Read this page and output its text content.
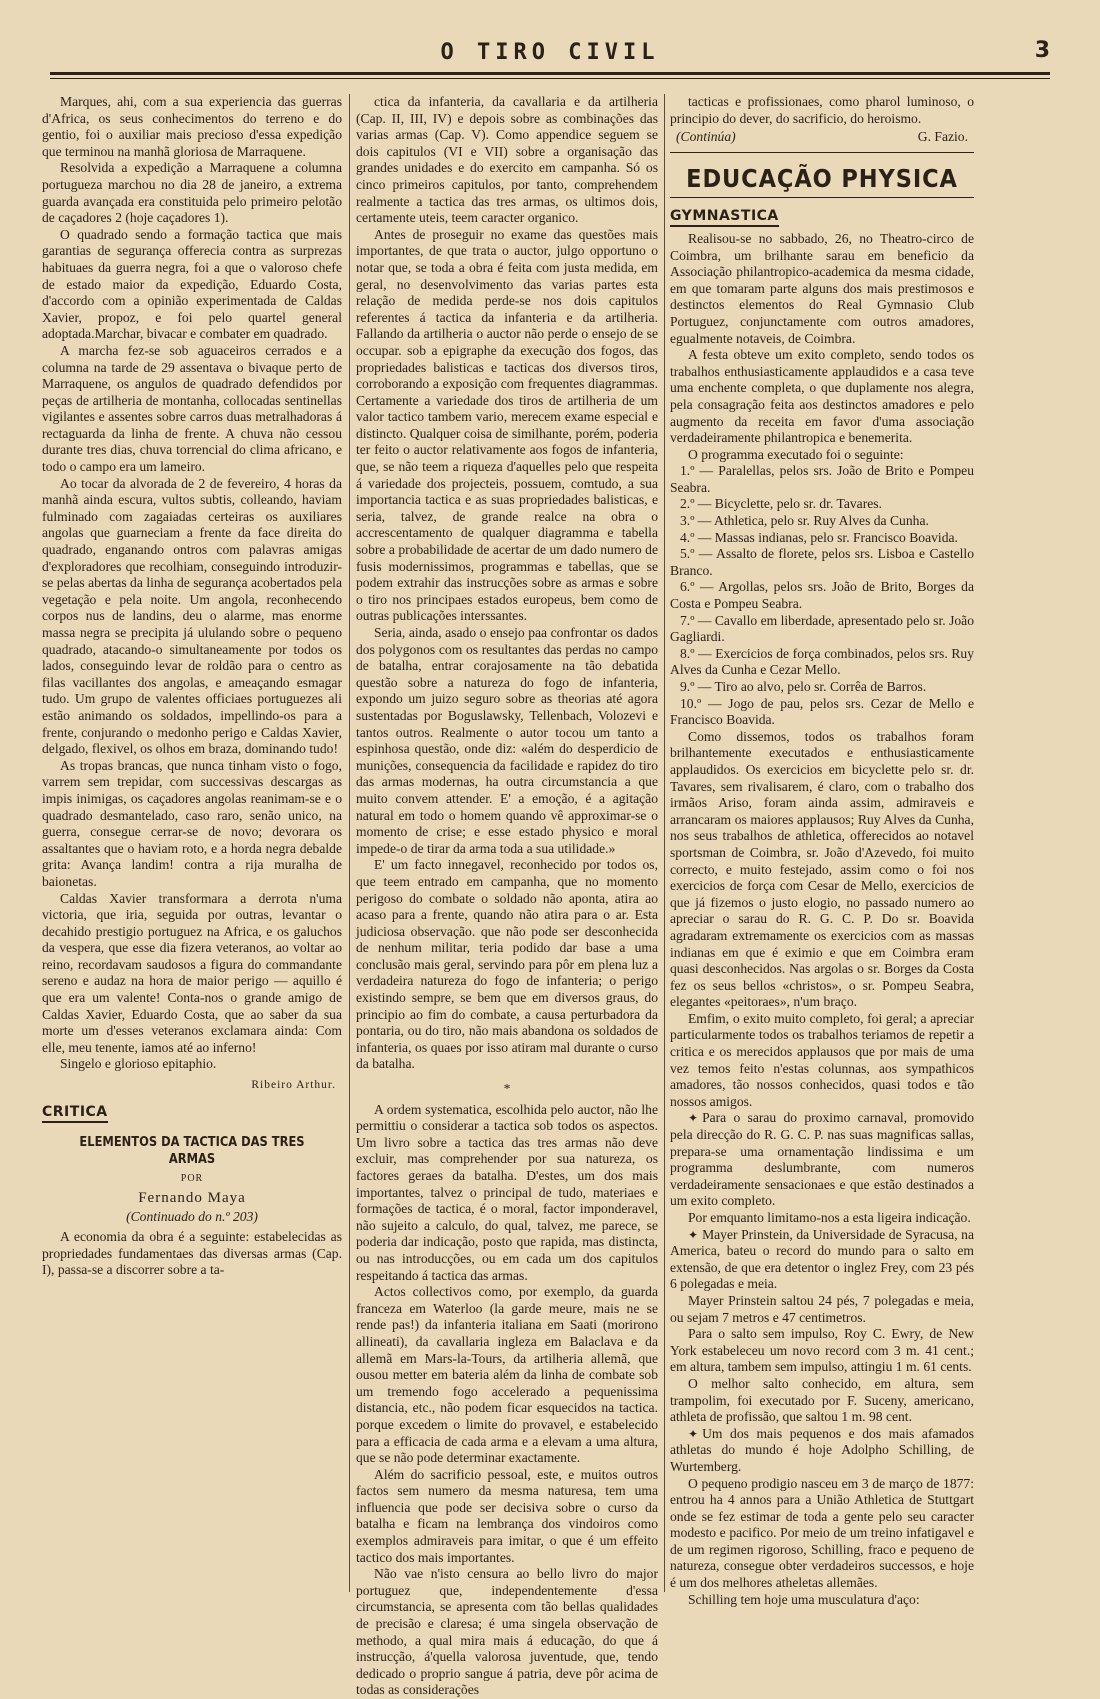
O TIRO CIVIL	3

Marques, ahi, com a sua experiencia das guerras d'Africa, os seus conhecimentos do terreno e do gentio, foi o auxiliar mais precioso d'essa expedição que terminou na manhã gloriosa de Marraquene.

Resolvida a expedição a Marraquene a columna portugueza marchou no dia 28 de janeiro, a extrema guarda avançada era constituida pelo primeiro pelotão de caçadores 2 (hoje caçadores 1).

O quadrado sendo a formação tactica que mais garantias de segurança offerecia contra as surprezas habituaes da guerra negra, foi a que o valoroso chefe de estado maior da expedição, Eduardo Costa, d'accordo com a opinião experimentada de Caldas Xavier, propoz, e foi pelo quartel general adoptada.Marchar, bivacar e combater em quadrado.

A marcha fez-se sob aguaceiros cerrados e a columna na tarde de 29 assentava o bivaque perto de Marraquene, os angulos de quadrado defendidos por peças de artilheria de montanha, collocadas sentinellas vigilantes e assentes sobre carros duas metralhadoras á rectaguarda da linha de frente. A chuva não cessou durante tres dias, chuva torrencial do clima africano, e todo o campo era um lameiro.

Ao tocar da alvorada de 2 de fevereiro, 4 horas da manhã ainda escura, vultos subtis, colleando, haviam fulminado com zagaiadas certeiras os auxiliares angolas que guarneciam a frente da face direita do quadrado, enganando ontros com palavras amigas d'exploradores que recolhiam, conseguindo introduzir-se pelas abertas da linha de segurança acobertados pela vegetação e pela noite. Um angola, reconhecendo corpos nus de landins, deu o alarme, mas enorme massa negra se precipita já ululando sobre o pequeno quadrado, atacando-o simultaneamente por todos os lados, conseguindo levar de roldão para o centro as filas vacillantes dos angolas, e ameaçando esmagar tudo. Um grupo de valentes officiaes portuguezes ali estão animando os soldados, impellindo-os para a frente, conjurando o medonho perigo e Caldas Xavier, delgado, flexivel, os olhos em braza, dominando tudo!

As tropas brancas, que nunca tinham visto o fogo, varrem sem trepidar, com successivas descargas as impis inimigas, os caçadores angolas reanimam-se e o quadrado desmantelado, caso raro, senão unico, na guerra, consegue cerrar-se de novo; devorara os assaltantes que o haviam roto, e a horda negra debalde grita: Avança landim! contra a rija muralha de baionetas.

Caldas Xavier transformara a derrota n'uma victoria, que iria, seguida por outras, levantar o decahido prestigio portuguez na Africa, e os galuchos da vespera, que esse dia fizera veteranos, ao voltar ao reino, recordavam saudosos a figura do commandante sereno e audaz na hora de maior perigo — aquillo é que era um valente! Conta-nos o grande amigo de Caldas Xavier, Eduardo Costa, que ao saber da sua morte um d'esses veteranos exclamara ainda: Com elle, meu tenente, iamos até ao inferno!

Singelo e glorioso epitaphio.

Ribeiro Arthur.
CRITICA
ELEMENTOS DA TACTICA DAS TRES ARMAS
POR
Fernando Maya
(Continuado do n.º 203)

A economia da obra é a seguinte: estabelecidas as propriedades fundamentaes das diversas armas (Cap. I), passa-se a discorrer sobre a ta-

ctica da infanteria, da cavallaria e da artilheria (Cap. II, III, IV) e depois sobre as combinações das varias armas (Cap. V). Como appendice seguem se dois capitulos (VI e VII) sobre a organisação das grandes unidades e do exercito em campanha. Só os cinco primeiros capitulos, por tanto, comprehendem realmente a tactica das tres armas, os ultimos dois, certamente uteis, teem caracter organico.

Antes de proseguir no exame das questões mais importantes, de que trata o auctor, julgo opportuno o notar que, se toda a obra é feita com justa medida, em geral, no desenvolvimento das varias partes esta relação de medida perde-se nos dois capitulos referentes á tactica da infanteria e da artilheria. Fallando da artilheria o auctor não perde o ensejo de se occupar. sob a epigraphe da execução dos fogos, das propriedades balisticas e tacticas dos diversos tiros, corroborando a exposição com frequentes diagrammas. Certamente a variedade dos tiros de artilheria de um valor tactico tambem vario, merecem exame especial e distincto. Qualquer coisa de similhante, porém, poderia ter feito o auctor relativamente aos fogos de infanteria, que, se não teem a riqueza d'aquelles pelo que respeita á variedade dos projecteis, possuem, comtudo, a sua importancia tactica e as suas propriedades balisticas, e seria, talvez, de grande realce na obra o accrescentamento de qualquer diagramma e tabella sobre a probabilidade de acertar de um dado numero de fusis modernissimos, programmas e tabellas, que se podem extrahir das instrucções sobre as armas e sobre o tiro nos principaes estados europeus, bem como de outras publicações interssantes.

Seria, ainda, asado o ensejo paa confrontar os dados dos polygonos com os resultantes das perdas no campo de batalha, entrar corajosamente na tão debatida questão sobre a natureza do fogo de infanteria, expondo um juizo seguro sobre as theorias até agora sustentadas por Boguslawsky, Tellenbach, Volozevi e tantos outros. Realmente o autor tocou um tanto a espinhosa questão, onde diz: «além do desperdicio de munições, consequencia da facilidade e rapidez do tiro das armas modernas, ha outra circumstancia a que muito convem attender. E' a emoção, é a agitação natural em todo o homem quando vê approximar-se o momento de crise; e esse estado physico e moral impede-o de tirar da arma toda a sua utilidade.»

E' um facto innegavel, reconhecido por todos os, que teem entrado em campanha, que no momento perigoso do combate o soldado não aponta, atira ao acaso para a frente, quando não atira para o ar. Esta judiciosa observação. que não pode ser desconhecida de nenhum militar, teria podido dar base a uma conclusão mais geral, servindo para pôr em plena luz a verdadeira natureza do fogo de infanteria; o perigo existindo sempre, se bem que em diversos graus, do principio ao fim do combate, a causa perturbadora da pontaria, ou do tiro, não mais abandona os soldados de infanteria, os quaes por isso atiram mal durante o curso da batalha.

*

A ordem systematica, escolhida pelo auctor, não lhe permittiu o considerar a tactica sob todos os aspectos. Um livro sobre a tactica das tres armas não deve excluir, mas comprehender por sua natureza, os factores geraes da batalha. D'estes, um dos mais importantes, talvez o principal de tudo, materiaes e formações de tactica, é o moral, factor imponderavel, não sujeito a calculo, do qual, talvez, me parece, se poderia dar indicação, posto que rapida, mas distincta, ou nas introducções, ou em cada um dos capitulos respeitando á tactica das armas.

Actos collectivos como, por exemplo, da guarda franceza em Waterloo (la garde meure, mais ne se rende pas!) da infanteria italiana em Saati (morirono allineati), da cavallaria ingleza em Balaclava e da allemã em Mars-la-Tours, da artilheria allemã, que ousou metter em bateria além da linha de combate sob um tremendo fogo accelerado a pequenissima distancia, etc., não podem ficar esquecidos na tactica. porque excedem o limite do provavel, e estabelecido para a efficacia de cada arma e a elevam a uma altura, que se não pode determinar exactamente.

Além do sacrificio pessoal, este, e muitos outros factos sem numero da mesma naturesa, tem uma influencia que pode ser decisiva sobre o curso da batalha e ficam na lembrança dos vindoiros como exemplos admiraveis para imitar, o que é um effeito tactico dos mais importantes.

Não vae n'isto censura ao bello livro do major portuguez que, independentemente d'essa circumstancia, se apresenta com tão bellas qualidades de precisão e claresa; é uma singela observação de methodo, a qual mira mais á educação, do que á instrucção, á'quella valorosa juventude, que, tendo dedicado o proprio sangue á patria, deve pôr acima de todas as considerações

tacticas e profissionaes, como pharol luminoso, o principio do dever, do sacrificio, do heroismo.

(Continúa)	G. Fazio.
EDUCAÇÃO PHYSICA
GYMNASTICA

Realisou-se no sabbado, 26, no Theatro-circo de Coimbra, um brilhante sarau em beneficio da Associação philantropico-academica da mesma cidade, em que tomaram parte alguns dos mais prestimosos e destinctos elementos do Real Gymnasio Club Portuguez, conjunctamente com outros amadores, egualmente notaveis, de Coimbra.

A festa obteve um exito completo, sendo todos os trabalhos enthusiasticamente applaudidos e a casa teve uma enchente completa, o que duplamente nos alegra, pela consagração feita aos destinctos amadores e pelo augmento da receita em favor d'uma associação verdadeiramente philantropica e benemerita.

O programma executado foi o seguinte:

1.º — Paralellas, pelos srs. João de Brito e Pompeu Seabra.

2.º — Bicyclette, pelo sr. dr. Tavares.

3.º — Athletica, pelo sr. Ruy Alves da Cunha.

4.º — Massas indianas, pelo sr. Francisco Boavida.

5.º — Assalto de florete, pelos srs. Lisboa e Castello Branco.

6.º — Argollas, pelos srs. João de Brito, Borges da Costa e Pompeu Seabra.

7.º — Cavallo em liberdade, apresentado pelo sr. João Gagliardi.

8.º — Exercicios de força combinados, pelos srs. Ruy Alves da Cunha e Cezar Mello.

9.º — Tiro ao alvo, pelo sr. Corrêa de Barros.

10.º — Jogo de pau, pelos srs. Cezar de Mello e Francisco Boavida.

Como dissemos, todos os trabalhos foram brilhantemente executados e enthusiasticamente applaudidos. Os exercicios em bicyclette pelo sr. dr. Tavares, sem rivalisarem, é claro, com o trabalho dos irmãos Ariso, foram ainda assim, admiraveis e arrancaram os maiores applausos; Ruy Alves da Cunha, nos seus trabalhos de athletica, offerecidos ao notavel sportsman de Coimbra, sr. João d'Azevedo, foi muito correcto, e muito festejado, assim como o foi nos exercicios de força com Cesar de Mello, exercicios de que já fizemos o justo elogio, no passado numero ao apreciar o sarau do R. G. C. P. Do sr. Boavida agradaram extremamente os exercicios com as massas indianas em que é eximio e que em Coimbra eram quasi desconhecidos. Nas argolas o sr. Borges da Costa fez os seus bellos «christos», o sr. Pompeu Seabra, elegantes «peitoraes», n'um braço.

Emfim, o exito muito completo, foi geral; a apreciar particularmente todos os trabalhos teriamos de repetir a critica e os merecidos applausos que por mais de uma vez temos feito n'estas colunnas, aos sympathicos amadores, tão nossos conhecidos, quasi todos e tão nossos amigos.

✦ Para o sarau do proximo carnaval, promovido pela direcção do R. G. C. P. nas suas magnificas sallas, prepara-se uma ornamentação lindissima e um programma deslumbrante, com numeros verdadeiramente sensacionaes e que estão destinados a um exito completo.

Por emquanto limitamo-nos a esta ligeira indicação.

✦ Mayer Prinstein, da Universidade de Syracusa, na America, bateu o record do mundo para o salto em extensão, de que era detentor o inglez Frey, com 23 pés 6 polegadas e meia.

Mayer Prinstein saltou 24 pés, 7 polegadas e meia, ou sejam 7 metros e 47 centimetros.

Para o salto sem impulso, Roy C. Ewry, de New York estabeleceu um novo record com 3 m. 41 cent.; em altura, tambem sem impulso, attingiu 1 m. 61 cents.

O melhor salto conhecido, em altura, sem trampolim, foi executado por F. Suceny, americano, athleta de profissão, que saltou 1 m. 98 cent.

✦ Um dos mais pequenos e dos mais afamados athletas do mundo é hoje Adolpho Schilling, de Wurtemberg.

O pequeno prodigio nasceu em 3 de março de 1877: entrou ha 4 annos para a União Athletica de Stuttgart onde se fez estimar de toda a gente pelo seu caracter modesto e pacifico. Por meio de um treino infatigavel e de um regimen rigoroso, Schilling, fraco e pequeno de natureza, conseguе obter verdadeiros successos, e hoje é um dos melhores atheletas allemães.

Schilling tem hoje uma musculatura d'aço:
